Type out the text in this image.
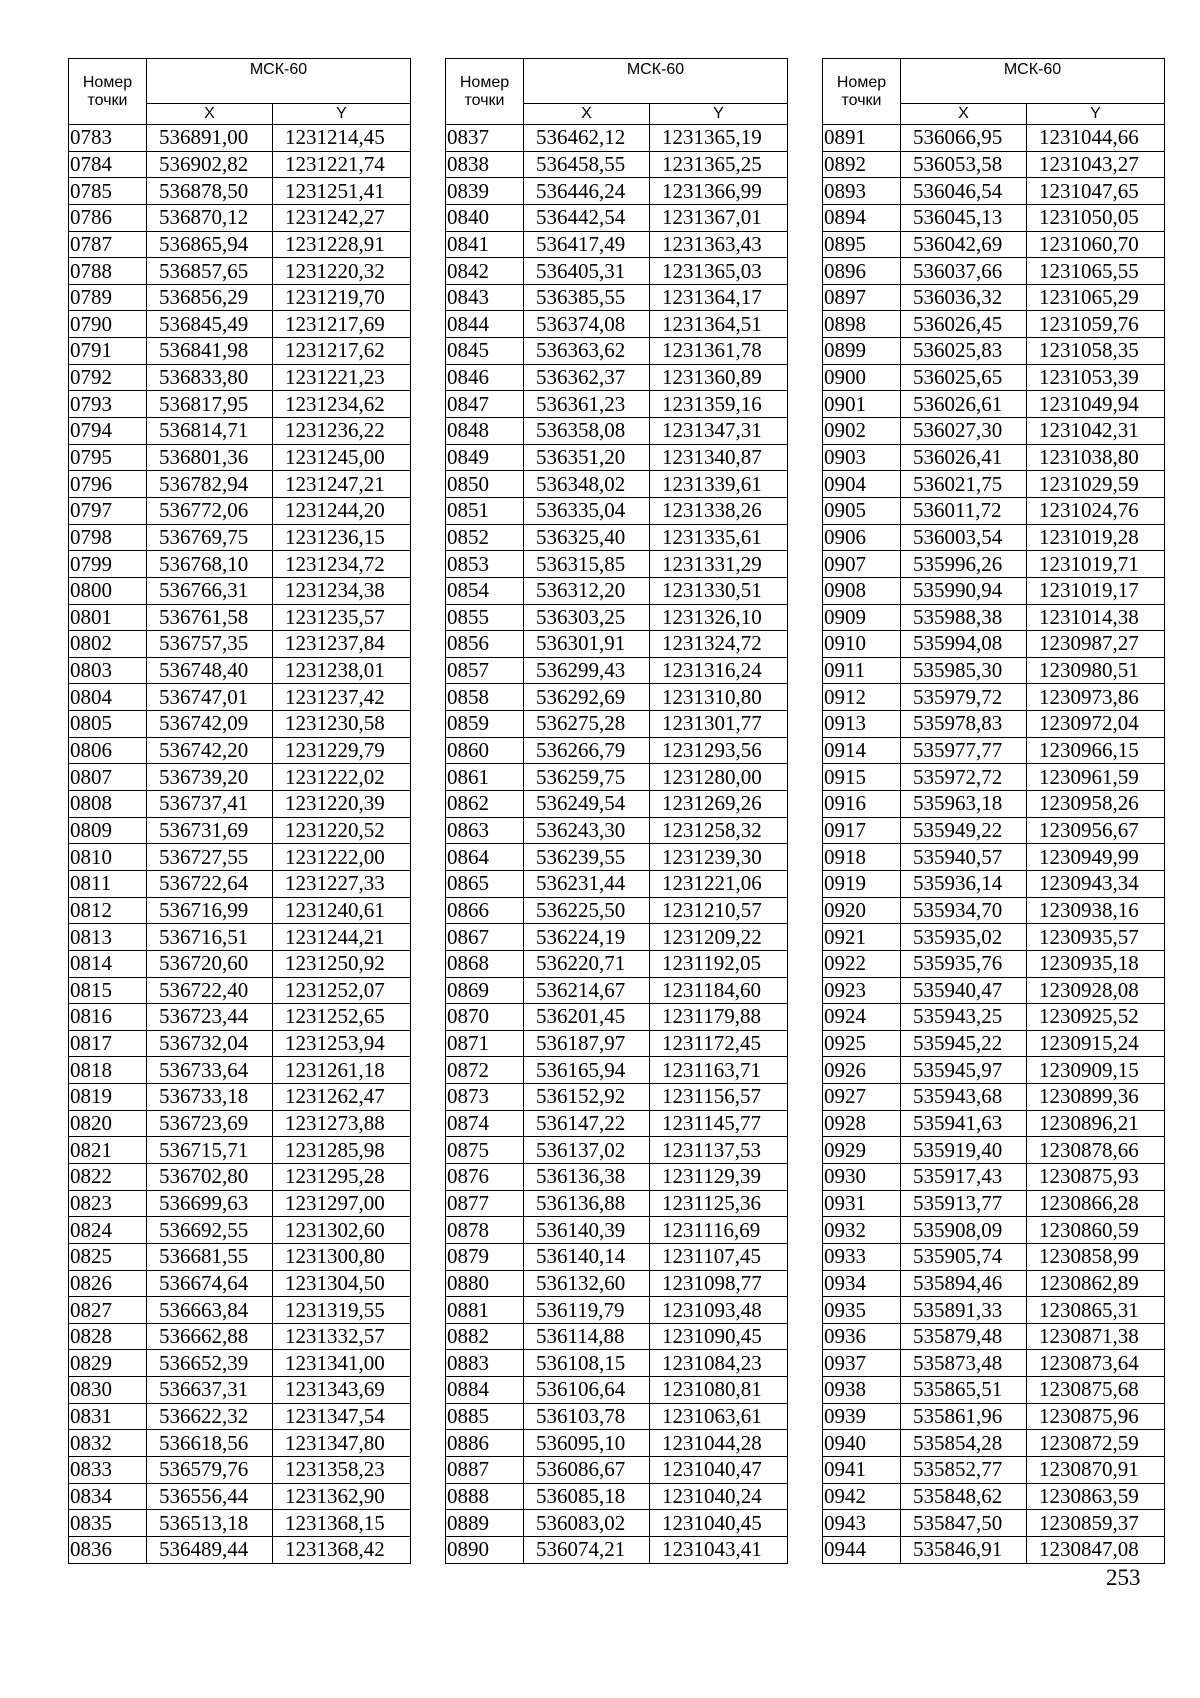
Номер точки	МСК-60	
	X	Y
0783	536891,00	1231214,45
0784	536902,82	1231221,74
0785	536878,50	1231251,41
0786	536870,12	1231242,27
0787	536865,94	1231228,91
0788	536857,65	1231220,32
0789	536856,29	1231219,70
0790	536845,49	1231217,69
0791	536841,98	1231217,62
0792	536833,80	1231221,23
0793	536817,95	1231234,62
0794	536814,71	1231236,22
0795	536801,36	1231245,00
0796	536782,94	1231247,21
0797	536772,06	1231244,20
0798	536769,75	1231236,15
0799	536768,10	1231234,72
0800	536766,31	1231234,38
0801	536761,58	1231235,57
0802	536757,35	1231237,84
0803	536748,40	1231238,01
0804	536747,01	1231237,42
0805	536742,09	1231230,58
0806	536742,20	1231229,79
0807	536739,20	1231222,02
0808	536737,41	1231220,39
0809	536731,69	1231220,52
0810	536727,55	1231222,00
0811	536722,64	1231227,33
0812	536716,99	1231240,61
0813	536716,51	1231244,21
0814	536720,60	1231250,92
0815	536722,40	1231252,07
0816	536723,44	1231252,65
0817	536732,04	1231253,94
0818	536733,64	1231261,18
0819	536733,18	1231262,47
0820	536723,69	1231273,88
0821	536715,71	1231285,98
0822	536702,80	1231295,28
0823	536699,63	1231297,00
0824	536692,55	1231302,60
0825	536681,55	1231300,80
0826	536674,64	1231304,50
0827	536663,84	1231319,55
0828	536662,88	1231332,57
0829	536652,39	1231341,00
0830	536637,31	1231343,69
0831	536622,32	1231347,54
0832	536618,56	1231347,80
0833	536579,76	1231358,23
0834	536556,44	1231362,90
0835	536513,18	1231368,15
0836	536489,44	1231368,42
Номер точки	МСК-60	
	X	Y
0837	536462,12	1231365,19
0838	536458,55	1231365,25
0839	536446,24	1231366,99
0840	536442,54	1231367,01
0841	536417,49	1231363,43
0842	536405,31	1231365,03
0843	536385,55	1231364,17
0844	536374,08	1231364,51
0845	536363,62	1231361,78
0846	536362,37	1231360,89
0847	536361,23	1231359,16
0848	536358,08	1231347,31
0849	536351,20	1231340,87
0850	536348,02	1231339,61
0851	536335,04	1231338,26
0852	536325,40	1231335,61
0853	536315,85	1231331,29
0854	536312,20	1231330,51
0855	536303,25	1231326,10
0856	536301,91	1231324,72
0857	536299,43	1231316,24
0858	536292,69	1231310,80
0859	536275,28	1231301,77
0860	536266,79	1231293,56
0861	536259,75	1231280,00
0862	536249,54	1231269,26
0863	536243,30	1231258,32
0864	536239,55	1231239,30
0865	536231,44	1231221,06
0866	536225,50	1231210,57
0867	536224,19	1231209,22
0868	536220,71	1231192,05
0869	536214,67	1231184,60
0870	536201,45	1231179,88
0871	536187,97	1231172,45
0872	536165,94	1231163,71
0873	536152,92	1231156,57
0874	536147,22	1231145,77
0875	536137,02	1231137,53
0876	536136,38	1231129,39
0877	536136,88	1231125,36
0878	536140,39	1231116,69
0879	536140,14	1231107,45
0880	536132,60	1231098,77
0881	536119,79	1231093,48
0882	536114,88	1231090,45
0883	536108,15	1231084,23
0884	536106,64	1231080,81
0885	536103,78	1231063,61
0886	536095,10	1231044,28
0887	536086,67	1231040,47
0888	536085,18	1231040,24
0889	536083,02	1231040,45
0890	536074,21	1231043,41
Номер точки	МСК-60	
	X	Y
0891	536066,95	1231044,66
0892	536053,58	1231043,27
0893	536046,54	1231047,65
0894	536045,13	1231050,05
0895	536042,69	1231060,70
0896	536037,66	1231065,55
0897	536036,32	1231065,29
0898	536026,45	1231059,76
0899	536025,83	1231058,35
0900	536025,65	1231053,39
0901	536026,61	1231049,94
0902	536027,30	1231042,31
0903	536026,41	1231038,80
0904	536021,75	1231029,59
0905	536011,72	1231024,76
0906	536003,54	1231019,28
0907	535996,26	1231019,71
0908	535990,94	1231019,17
0909	535988,38	1231014,38
0910	535994,08	1230987,27
0911	535985,30	1230980,51
0912	535979,72	1230973,86
0913	535978,83	1230972,04
0914	535977,77	1230966,15
0915	535972,72	1230961,59
0916	535963,18	1230958,26
0917	535949,22	1230956,67
0918	535940,57	1230949,99
0919	535936,14	1230943,34
0920	535934,70	1230938,16
0921	535935,02	1230935,57
0922	535935,76	1230935,18
0923	535940,47	1230928,08
0924	535943,25	1230925,52
0925	535945,22	1230915,24
0926	535945,97	1230909,15
0927	535943,68	1230899,36
0928	535941,63	1230896,21
0929	535919,40	1230878,66
0930	535917,43	1230875,93
0931	535913,77	1230866,28
0932	535908,09	1230860,59
0933	535905,74	1230858,99
0934	535894,46	1230862,89
0935	535891,33	1230865,31
0936	535879,48	1230871,38
0937	535873,48	1230873,64
0938	535865,51	1230875,68
0939	535861,96	1230875,96
0940	535854,28	1230872,59
0941	535852,77	1230870,91
0942	535848,62	1230863,59
0943	535847,50	1230859,37
0944	535846,91	1230847,08
253
